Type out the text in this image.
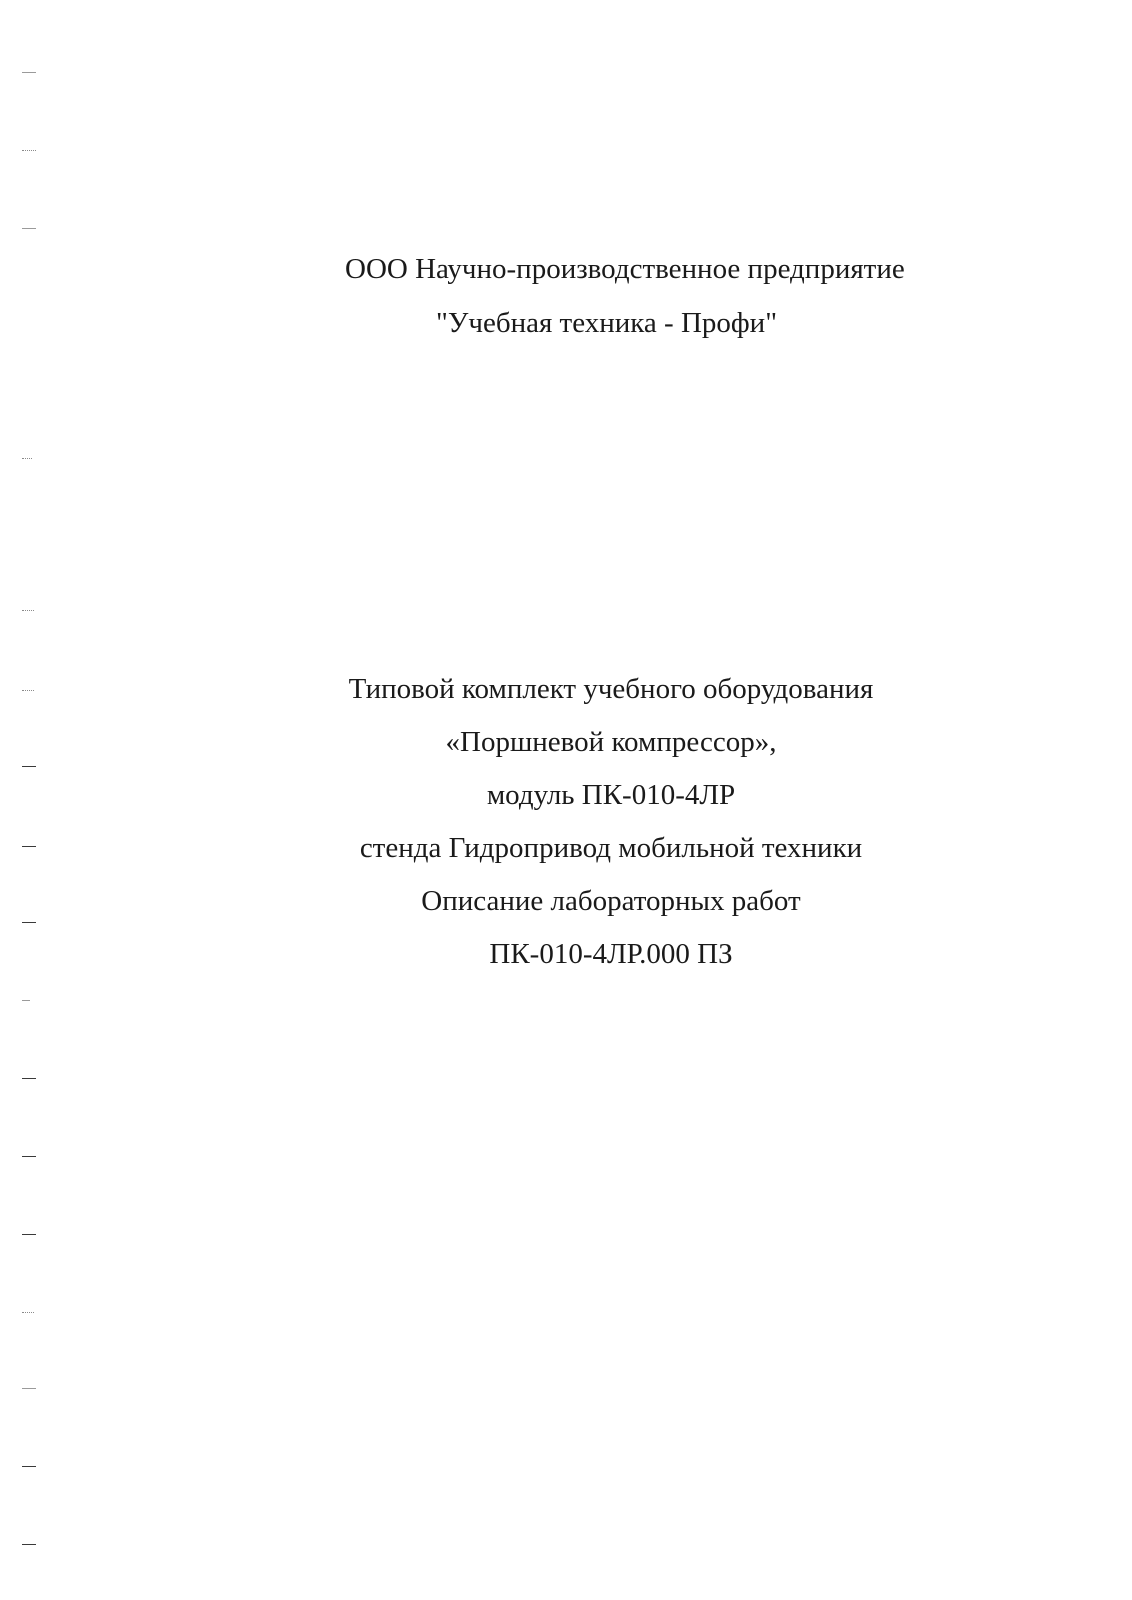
ООО Научно-производственное предприятие
"Учебная техника - Профи"
Типовой комплект учебного оборудования
«Поршневой компрессор»,
модуль ПК-010-4ЛР
стенда Гидропривод мобильной техники
Описание лабораторных работ
ПК-010-4ЛР.000 ПЗ
